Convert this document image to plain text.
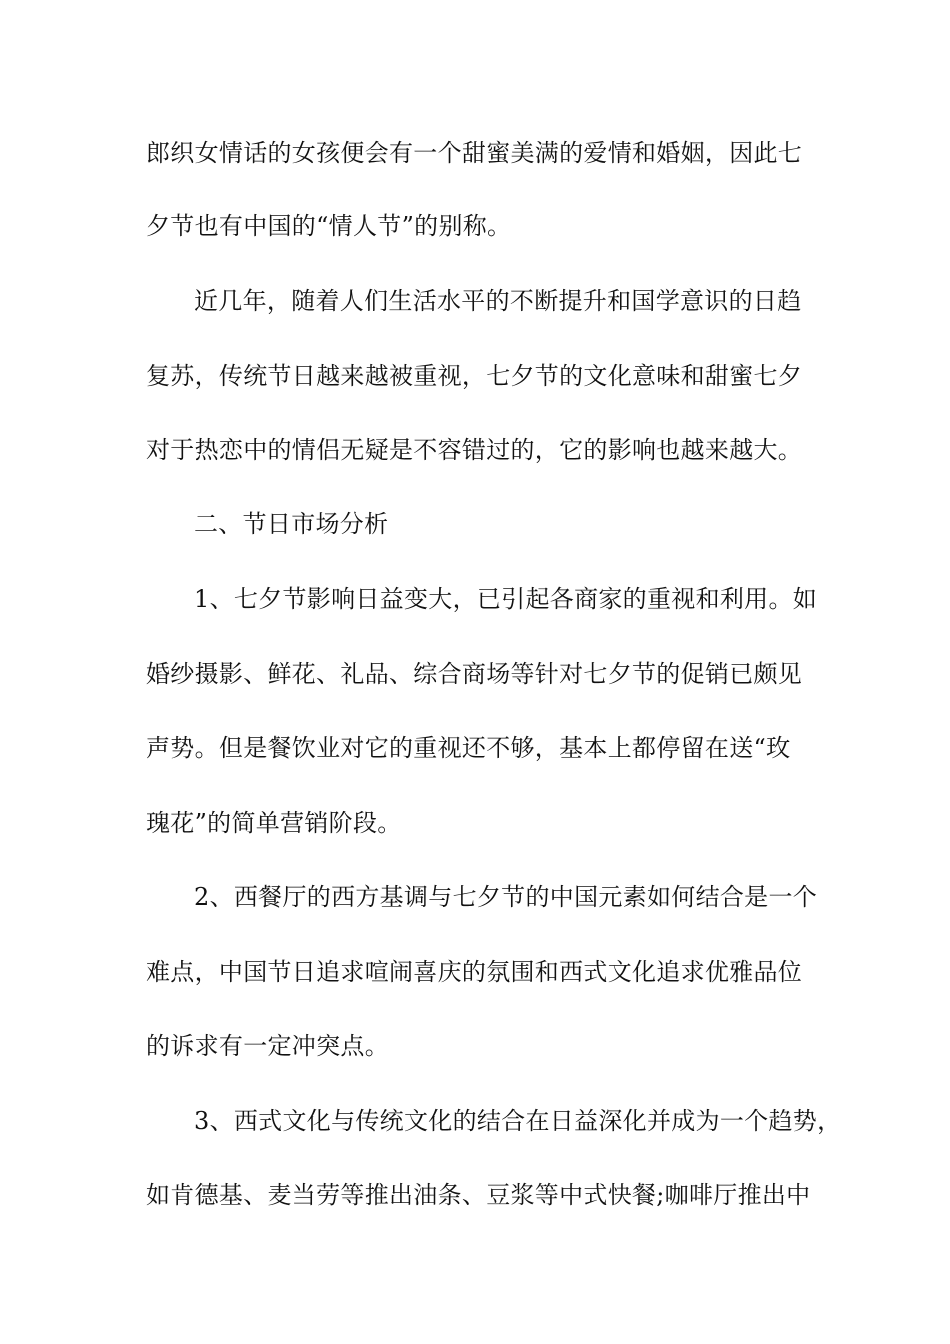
郎织女情话的女孩便会有一个甜蜜美满的爱情和婚姻，因此七
夕节也有中国的“情人节”的别称。
近几年，随着人们生活水平的不断提升和国学意识的日趋
复苏，传统节日越来越被重视，七夕节的文化意味和甜蜜七夕
对于热恋中的情侣无疑是不容错过的，它的影响也越来越大。
二、节日市场分析
1、七夕节影响日益变大，已引起各商家的重视和利用。如
婚纱摄影、鲜花、礼品、综合商场等针对七夕节的促销已颇见
声势。但是餐饮业对它的重视还不够，基本上都停留在送“玫
瑰花”的简单营销阶段。
2、西餐厅的西方基调与七夕节的中国元素如何结合是一个
难点，中国节日追求喧闹喜庆的氛围和西式文化追求优雅品位
的诉求有一定冲突点。
3、西式文化与传统文化的结合在日益深化并成为一个趋势，
如肯德基、麦当劳等推出油条、豆浆等中式快餐;咖啡厅推出中
